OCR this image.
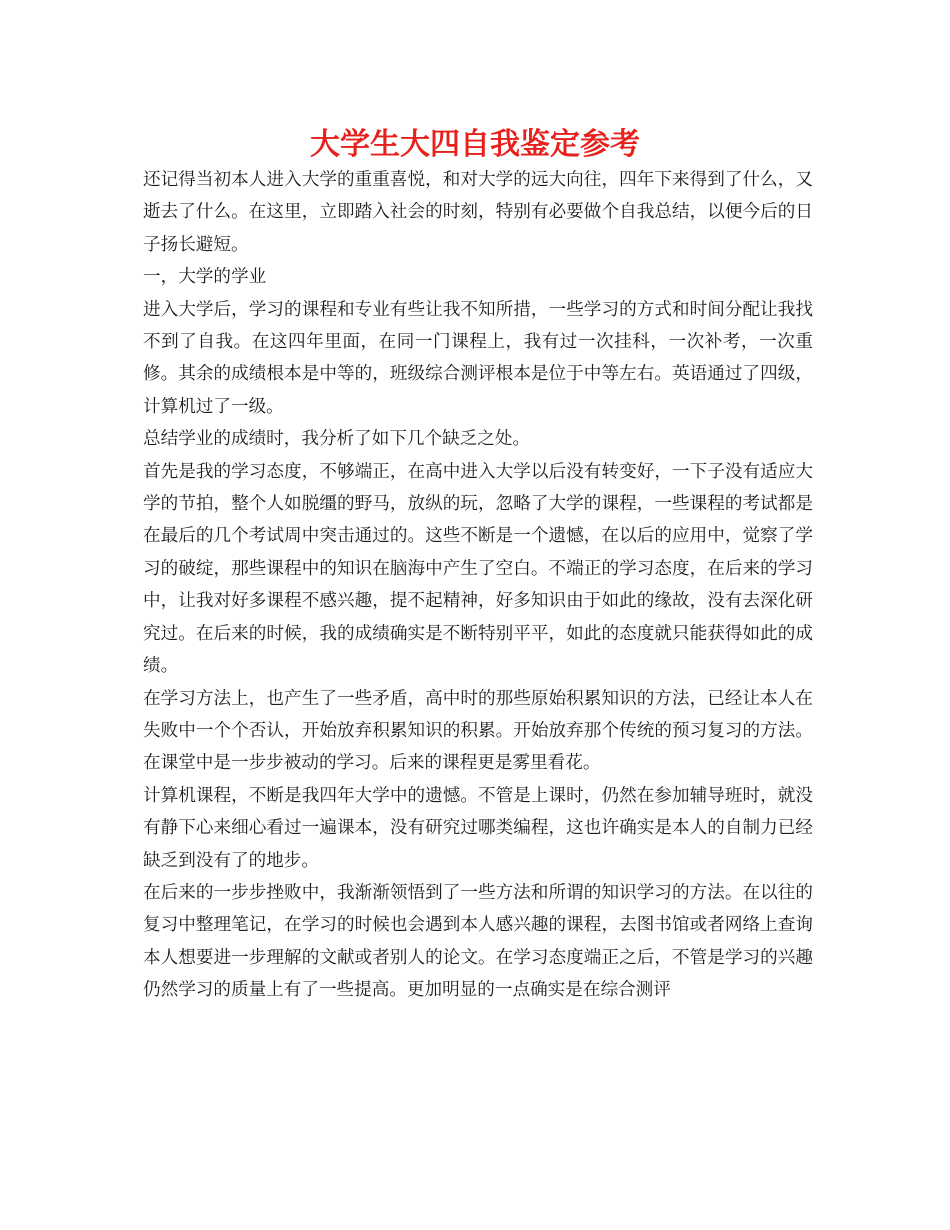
大学生大四自我鉴定参考

还记得当初本人进入大学的重重喜悦，和对大学的远大向往，四年下来得到了什么，又逝去了什么。在这里，立即踏入社会的时刻，特别有必要做个自我总结，以便今后的日子扬长避短。

一，大学的学业

进入大学后，学习的课程和专业有些让我不知所措，一些学习的方式和时间分配让我找不到了自我。在这四年里面，在同一门课程上，我有过一次挂科，一次补考，一次重修。其余的成绩根本是中等的，班级综合测评根本是位于中等左右。英语通过了四级，计算机过了一级。

总结学业的成绩时，我分析了如下几个缺乏之处。

首先是我的学习态度，不够端正，在高中进入大学以后没有转变好，一下子没有适应大学的节拍，整个人如脱缰的野马，放纵的玩，忽略了大学的课程，一些课程的考试都是在最后的几个考试周中突击通过的。这些不断是一个遗憾，在以后的应用中，觉察了学习的破绽，那些课程中的知识在脑海中产生了空白。不端正的学习态度，在后来的学习中，让我对好多课程不感兴趣，提不起精神，好多知识由于如此的缘故，没有去深化研究过。在后来的时候，我的成绩确实是不断特别平平，如此的态度就只能获得如此的成绩。

在学习方法上，也产生了一些矛盾，高中时的那些原始积累知识的方法，已经让本人在失败中一个个否认，开始放弃积累知识的积累。开始放弃那个传统的预习复习的方法。在课堂中是一步步被动的学习。后来的课程更是雾里看花。

计算机课程，不断是我四年大学中的遗憾。不管是上课时，仍然在参加辅导班时，就没有静下心来细心看过一遍课本，没有研究过哪类编程，这也许确实是本人的自制力已经缺乏到没有了的地步。

在后来的一步步挫败中，我渐渐领悟到了一些方法和所谓的知识学习的方法。在以往的复习中整理笔记，在学习的时候也会遇到本人感兴趣的课程，去图书馆或者网络上查询本人想要进一步理解的文献或者别人的论文。在学习态度端正之后，不管是学习的兴趣仍然学习的质量上有了一些提高。更加明显的一点确实是在综合测评
